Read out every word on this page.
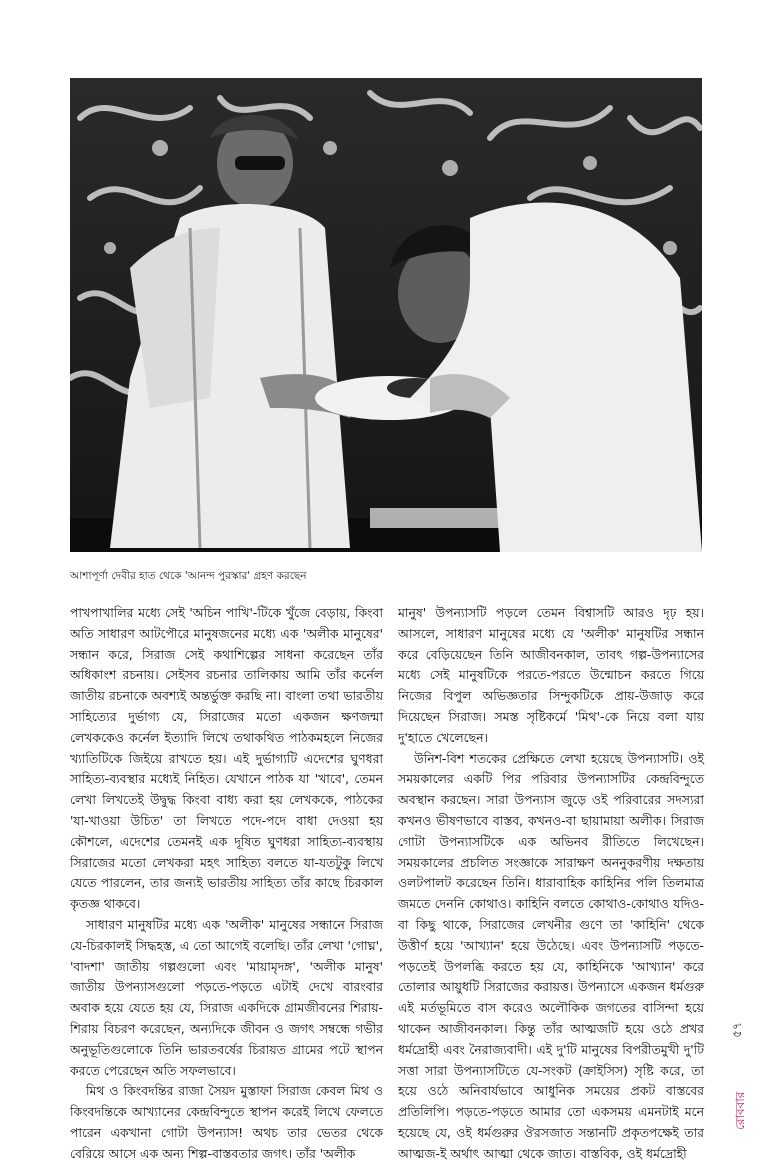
আশাপূর্ণা দেবীর হাত থেকে 'আনন্দ পুরস্কার' গ্রহণ করছেন

পাখপাখালির মধ্যে সেই 'অচিন পাখি'-টিকে খুঁজে বেড়ায়, কিংবা অতি সাধারণ আটপৌরে মানুষজনের মধ্যে এক 'অলীক মানুষের' সন্ধান করে, সিরাজ সেই কথাশিল্পের সাধনা করেছেন তাঁর অধিকাংশ রচনায়। সেইসব রচনার তালিকায় আমি তাঁর কর্নেল জাতীয় রচনাকে অবশ্যই অন্তর্ভুক্ত করছি না। বাংলা তথা ভারতীয় সাহিত্যের দুর্ভাগ্য যে, সিরাজের মতো একজন ক্ষণজন্মা লেখককেও কর্নেল ইত্যাদি লিখে তথাকথিত পাঠকমহলে নিজের খ্যাতিটিকে জিইয়ে রাখতে হয়। এই দুর্ভাগ্যটি এদেশের ঘুণধরা সাহিত্য-ব্যবস্থার মধ্যেই নিহিত। যেখানে পাঠক যা 'খাবে', তেমন লেখা লিখতেই উদ্বুদ্ধ কিংবা বাধ্য করা হয় লেখককে, পাঠকের 'যা-খাওয়া উচিত' তা লিখতে পদে-পদে বাধা দেওয়া হয় কৌশলে, এদেশের তেমনই এক দূষিত ঘুণধরা সাহিত্য-ব্যবস্থায় সিরাজের মতো লেখকরা মহৎ সাহিত্য বলতে যা-যতটুকু লিখে যেতে পারলেন, তার জন্যই ভারতীয় সাহিত্য তাঁর কাছে চিরকাল কৃতজ্ঞ থাকবে।

সাধারণ মানুষটির মধ্যে এক 'অলীক' মানুষের সন্ধানে সিরাজ যে-চিরকালই সিদ্ধহস্ত, এ তো আগেই বলেছি। তাঁর লেখা 'গোঘ্ন', 'বাদশা' জাতীয় গল্পগুলো এবং 'মায়ামৃদঙ্গ', 'অলীক মানুষ' জাতীয় উপন্যাসগুলো পড়তে-পড়তে এটাই দেখে বারংবার অবাক হয়ে যেতে হয় যে, সিরাজ একদিকে গ্রামজীবনের শিরায়-শিরায় বিচরণ করেছেন, অন্যদিকে জীবন ও জগৎ সম্বন্ধে গভীর অনুভূতিগুলোকে তিনি ভারতবর্ষের চিরায়ত গ্রামের পটে স্থাপন করতে পেরেছেন অতি সফলভাবে।

মিথ ও কিংবদন্তির রাজা সৈয়দ মুস্তাফা সিরাজ কেবল মিথ ও কিংবদন্তিকে আখ্যানের কেন্দ্রবিন্দুতে স্থাপন করেই লিখে ফেলতে পারেন একখানা গোটা উপন্যাস! অথচ তার ভেতর থেকে বেরিয়ে আসে এক অন্য শিল্প-বাস্তবতার জগৎ। তাঁর 'অলীক

মানুষ' উপন্যাসটি পড়লে তেমন বিশ্বাসটি আরও দৃঢ় হয়। আসলে, সাধারণ মানুষের মধ্যে যে 'অলীক' মানুষটির সন্ধান করে বেড়িয়েছেন তিনি আজীবনকাল, তাবৎ গল্প-উপন্যাসের মধ্যে সেই মানুষটিকে পরতে-পরতে উন্মোচন করতে গিয়ে নিজের বিপুল অভিজ্ঞতার সিন্দুকটিকে প্রায়-উজাড় করে দিয়েছেন সিরাজ। সমস্ত সৃষ্টিকর্মে 'মিথ'-কে নিয়ে বলা যায় দু'হাতে খেলেছেন।

উনিশ-বিশ শতকের প্রেক্ষিতে লেখা হয়েছে উপন্যাসটি। ওই সময়কালের একটি পির পরিবার উপন্যাসটির কেন্দ্রবিন্দুতে অবস্থান করছেন। সারা উপন্যাস জুড়ে ওই পরিবারের সদস্যরা কখনও ভীষণভাবে বাস্তব, কখনও-বা ছায়ামায়া অলীক। সিরাজ গোটা উপন্যাসটিকে এক অভিনব রীতিতে লিখেছেন। সময়কালের প্রচলিত সংজ্ঞাকে সারাক্ষণ অননুকরণীয় দক্ষতায় ওলটপালট করেছেন তিনি। ধারাবাহিক কাহিনির পলি তিলমাত্র জমতে দেননি কোথাও। কাহিনি বলতে কোথাও-কোথাও যদিও-বা কিছু থাকে, সিরাজের লেখনীর গুণে তা 'কাহিনি' থেকে উত্তীর্ণ হয়ে 'আখ্যান' হয়ে উঠেছে। এবং উপন্যাসটি পড়তে-পড়তেই উপলব্ধি করতে হয় যে, কাহিনিকে 'আখ্যান' করে তোলার আয়ুধটি সিরাজের করায়ত্ত। উপন্যাসে একজন ধর্মগুরু এই মর্তভূমিতে বাস করেও অলৌকিক জগতের বাসিন্দা হয়ে থাকেন আজীবনকাল। কিন্তু তাঁর আত্মজটি হয়ে ওঠে প্রখর ধর্মদ্রোহী এবং নৈরাজ্যবাদী। এই দু'টি মানুষের বিপরীতমুখী দু'টি সত্তা সারা উপন্যাসটিতে যে-সংকট (ক্রাইসিস) সৃষ্টি করে, তা হয়ে ওঠে অনিবার্যভাবে আধুনিক সময়ের প্রকট বাস্তবের প্রতিলিপি। পড়তে-পড়তে আমার তো একসময় এমনটাই মনে হয়েছে যে, ওই ধর্মগুরুর ঔরসজাত সন্তানটি প্রকৃতপক্ষেই তার আত্মজ-ই অর্থাৎ আত্মা থেকে জাত। বাস্তবিক, ওই ধর্মদ্রোহী

৫৭
রোববার
